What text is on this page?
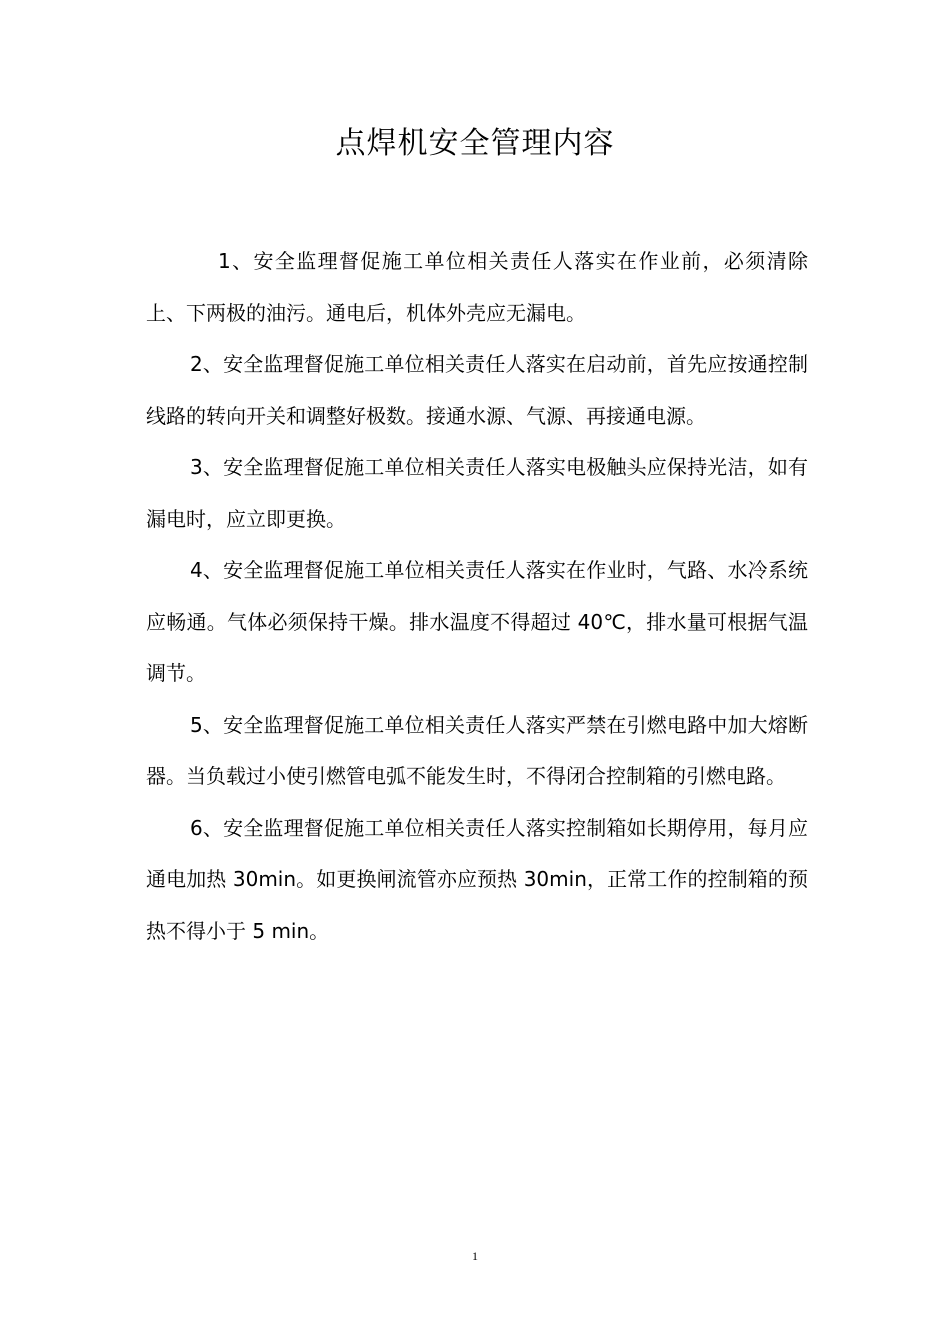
点焊机安全管理内容

1、安全监理督促施工单位相关责任人落实在作业前，必须清除上、下两极的油污。通电后，机体外壳应无漏电。

2、安全监理督促施工单位相关责任人落实在启动前，首先应按通控制线路的转向开关和调整好极数。接通水源、气源、再接通电源。

3、安全监理督促施工单位相关责任人落实电极触头应保持光洁，如有漏电时，应立即更换。

4、安全监理督促施工单位相关责任人落实在作业时，气路、水冷系统应畅通。气体必须保持干燥。排水温度不得超过 40℃，排水量可根据气温调节。

5、安全监理督促施工单位相关责任人落实严禁在引燃电路中加大熔断器。当负载过小使引燃管电弧不能发生时，不得闭合控制箱的引燃电路。

6、安全监理督促施工单位相关责任人落实控制箱如长期停用，每月应通电加热 30min。如更换闸流管亦应预热 30min，正常工作的控制箱的预热不得小于 5 min。

1
